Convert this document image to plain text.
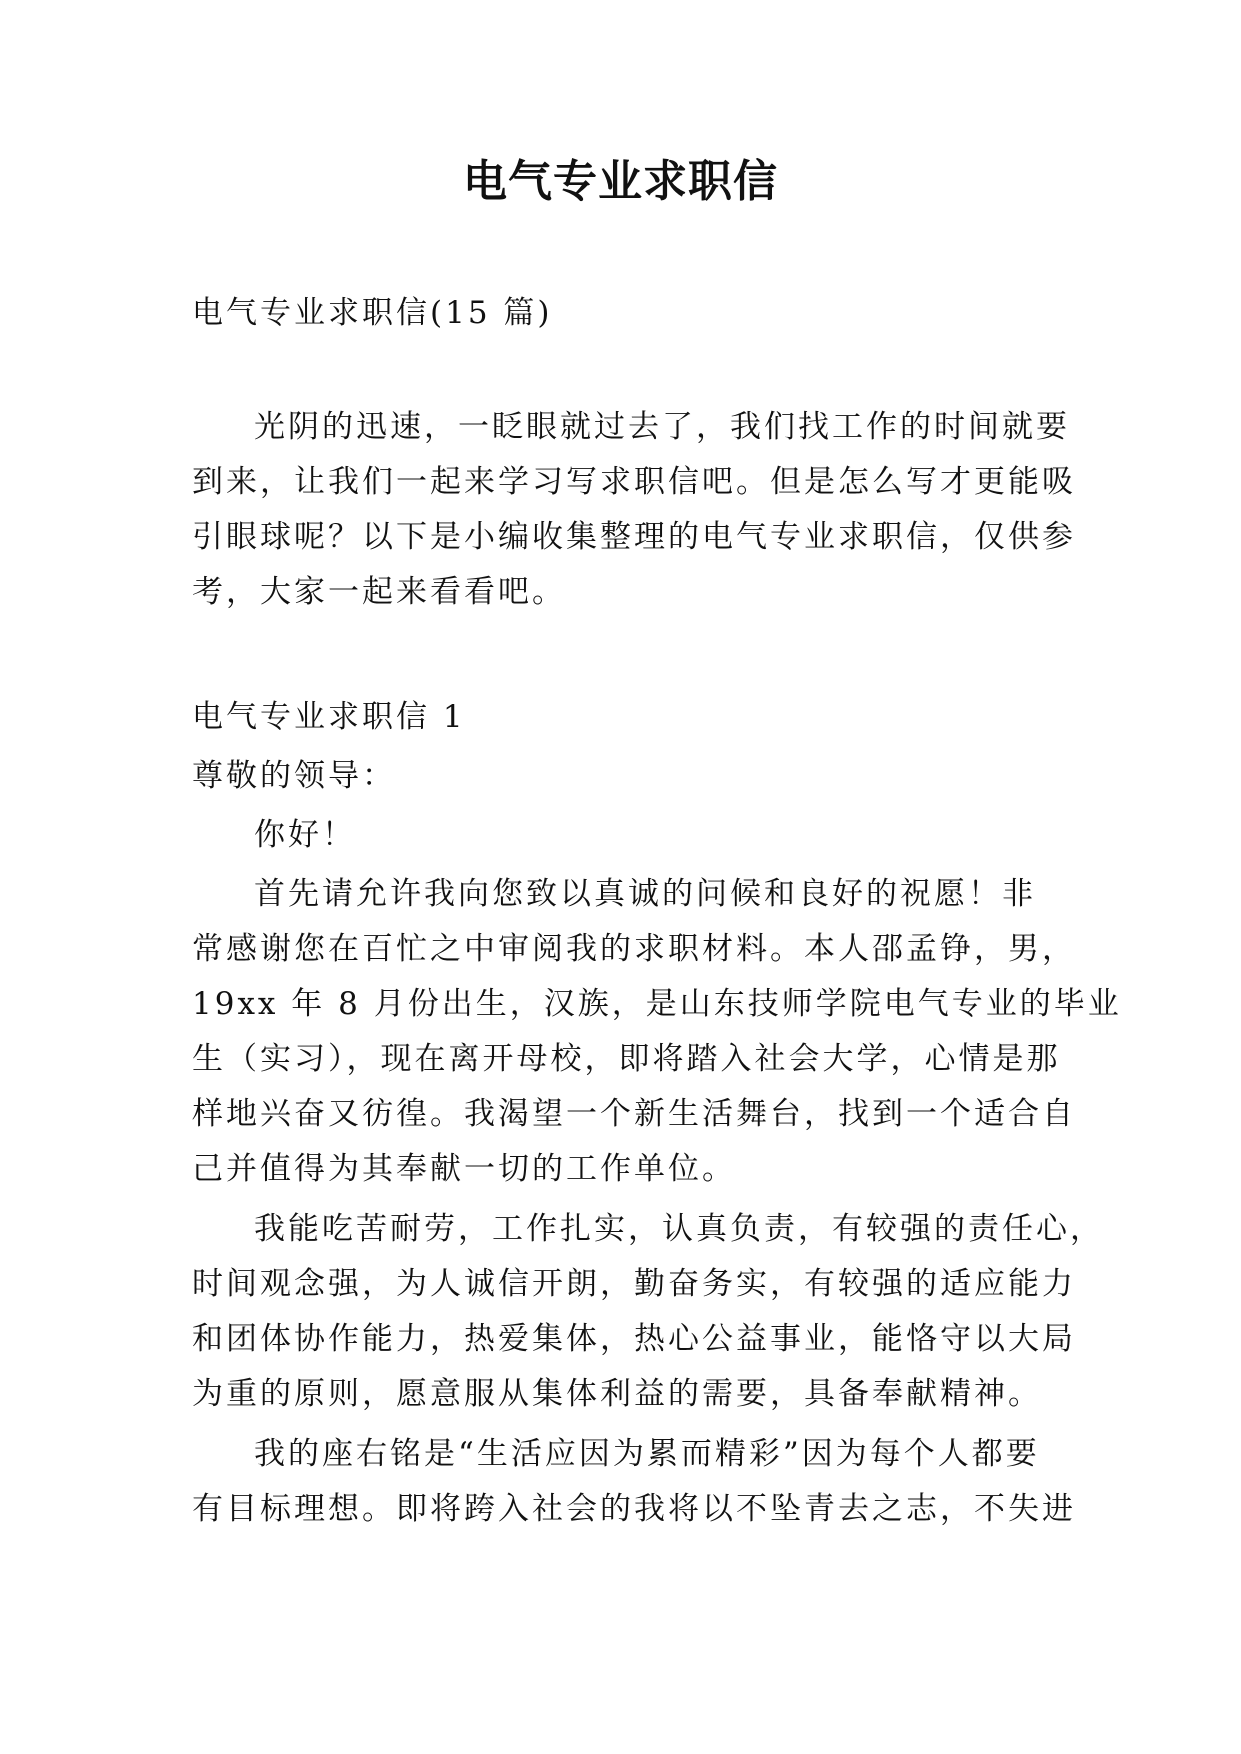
电气专业求职信
电气专业求职信(15 篇)
光阴的迅速，一眨眼就过去了，我们找工作的时间就要
到来，让我们一起来学习写求职信吧。但是怎么写才更能吸
引眼球呢？以下是小编收集整理的电气专业求职信，仅供参
考，大家一起来看看吧。
电气专业求职信 1
尊敬的领导：
你好！
首先请允许我向您致以真诚的问候和良好的祝愿！非
常感谢您在百忙之中审阅我的求职材料。本人邵孟铮，男，
19xx 年 8 月份出生，汉族，是山东技师学院电气专业的毕业
生（实习），现在离开母校，即将踏入社会大学，心情是那
样地兴奋又彷徨。我渴望一个新生活舞台，找到一个适合自
己并值得为其奉献一切的工作单位。
我能吃苦耐劳，工作扎实，认真负责，有较强的责任心，
时间观念强，为人诚信开朗，勤奋务实，有较强的适应能力
和团体协作能力，热爱集体，热心公益事业，能恪守以大局
为重的原则，愿意服从集体利益的需要，具备奉献精神。
我的座右铭是“生活应因为累而精彩”因为每个人都要
有目标理想。即将跨入社会的我将以不坠青去之志，不失进
